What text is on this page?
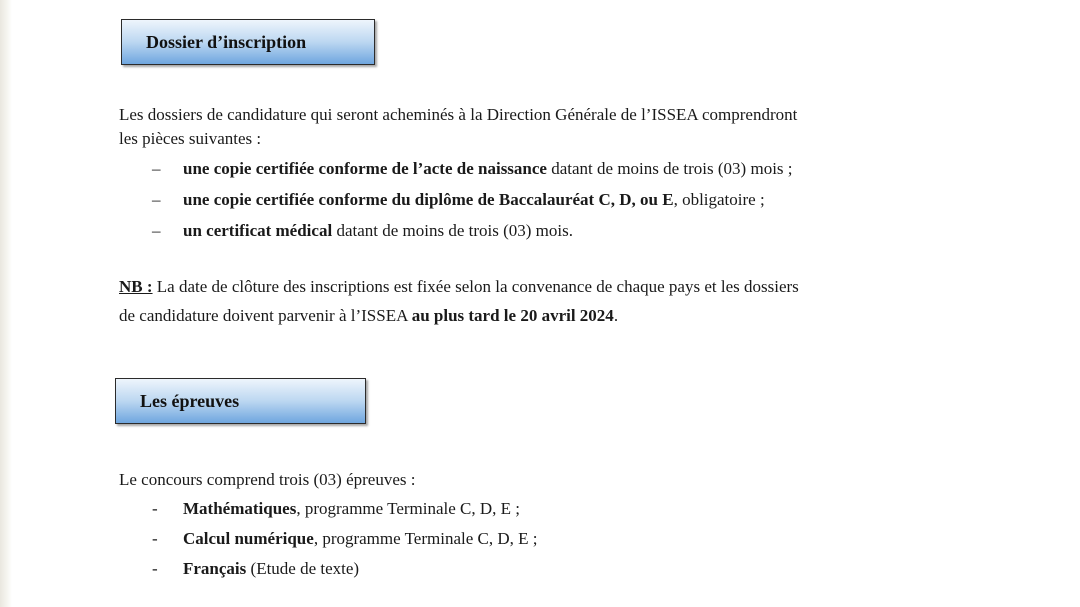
Dossier d’inscription

Les dossiers de candidature qui seront acheminés à la Direction Générale de l’ISSEA comprendront
les pièces suivantes :

– une copie certifiée conforme de l’acte de naissance datant de moins de trois (03) mois ;
– une copie certifiée conforme du diplôme de Baccalauréat C, D, ou E, obligatoire ;
– un certificat médical datant de moins de trois (03) mois.

NB : La date de clôture des inscriptions est fixée selon la convenance de chaque pays et les dossiers
de candidature doivent parvenir à l’ISSEA au plus tard le 20 avril 2024.

Les épreuves

Le concours comprend trois (03) épreuves :

- Mathématiques, programme Terminale C, D, E ;
- Calcul numérique, programme Terminale C, D, E ;
- Français (Etude de texte)
